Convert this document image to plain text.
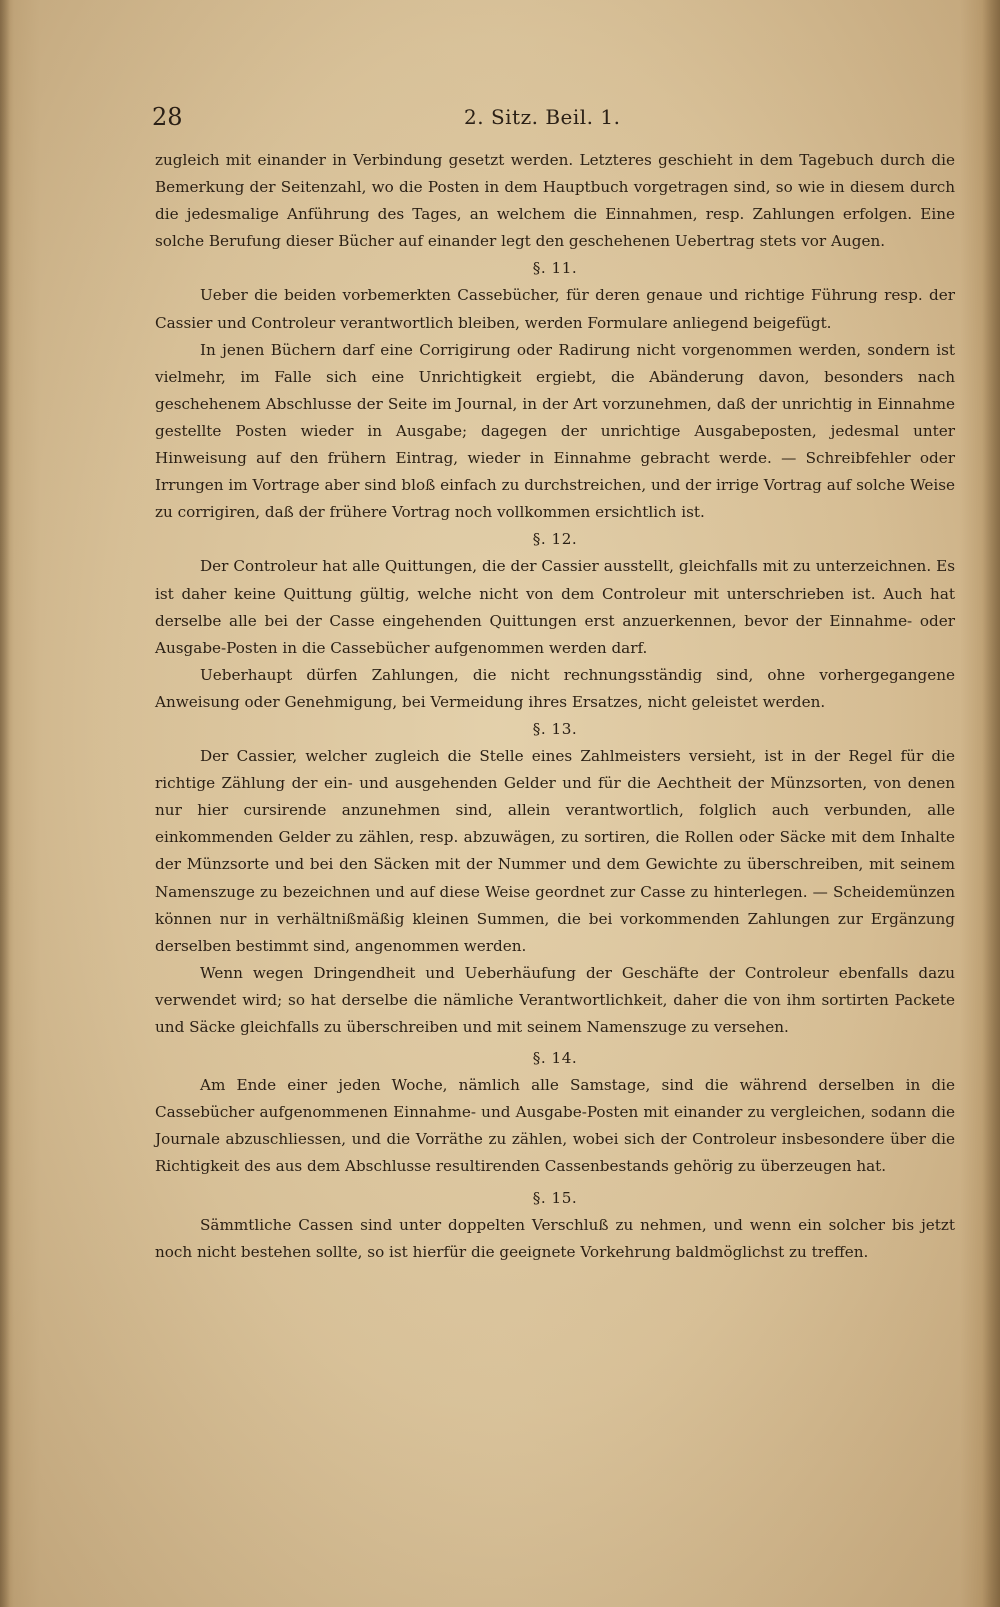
28	2. Sitz. Beil. 1.

zugleich mit einander in Verbindung gesetzt werden. Letzteres geschieht in dem Tagebuch durch die Bemerkung der Seitenzahl, wo die Posten in dem Hauptbuch vorgetragen sind, so wie in diesem durch die jedesmalige Anführung des Tages, an welchem die Einnahmen, resp. Zahlungen erfolgen. Eine solche Berufung dieser Bücher auf einander legt den geschehenen Uebertrag stets vor Augen.

§. 11.

Ueber die beiden vorbemerkten Cassebücher, für deren genaue und richtige Führung resp. der Cassier und Controleur verantwortlich bleiben, werden Formulare anliegend beigefügt.

In jenen Büchern darf eine Corrigirung oder Radirung nicht vorgenommen werden, sondern ist vielmehr, im Falle sich eine Unrichtigkeit ergiebt, die Abänderung davon, besonders nach geschehenem Abschlusse der Seite im Journal, in der Art vorzunehmen, daß der unrichtig in Einnahme gestellte Posten wieder in Ausgabe; dagegen der unrichtige Ausgabeposten, jedesmal unter Hinweisung auf den frühern Eintrag, wieder in Einnahme gebracht werde. — Schreibfehler oder Irrungen im Vortrage aber sind bloß einfach zu durchstreichen, und der irrige Vortrag auf solche Weise zu corrigiren, daß der frühere Vortrag noch vollkommen ersichtlich ist.

§. 12.

Der Controleur hat alle Quittungen, die der Cassier ausstellt, gleichfalls mit zu unterzeichnen. Es ist daher keine Quittung gültig, welche nicht von dem Controleur mit unterschrieben ist. Auch hat derselbe alle bei der Casse eingehenden Quittungen erst anzuerkennen, bevor der Einnahme- oder Ausgabe-Posten in die Cassebücher aufgenommen werden darf.

Ueberhaupt dürfen Zahlungen, die nicht rechnungsständig sind, ohne vorhergegangene Anweisung oder Genehmigung, bei Vermeidung ihres Ersatzes, nicht geleistet werden.

§. 13.

Der Cassier, welcher zugleich die Stelle eines Zahlmeisters versieht, ist in der Regel für die richtige Zählung der ein- und ausgehenden Gelder und für die Aechtheit der Münzsorten, von denen nur hier cursirende anzunehmen sind, allein verantwortlich, folglich auch verbunden, alle einkommenden Gelder zu zählen, resp. abzuwägen, zu sortiren, die Rollen oder Säcke mit dem Inhalte der Münzsorte und bei den Säcken mit der Nummer und dem Gewichte zu überschreiben, mit seinem Namenszuge zu bezeichnen und auf diese Weise geordnet zur Casse zu hinterlegen. — Scheidemünzen können nur in verhältnißmäßig kleinen Summen, die bei vorkommenden Zahlungen zur Ergänzung derselben bestimmt sind, angenommen werden.

Wenn wegen Dringendheit und Ueberhäufung der Geschäfte der Controleur ebenfalls dazu verwendet wird; so hat derselbe die nämliche Verantwortlichkeit, daher die von ihm sortirten Packete und Säcke gleichfalls zu überschreiben und mit seinem Namenszuge zu versehen.

§. 14.

Am Ende einer jeden Woche, nämlich alle Samstage, sind die während derselben in die Cassebücher aufgenommenen Einnahme- und Ausgabe-Posten mit einander zu vergleichen, sodann die Journale abzuschliessen, und die Vorräthe zu zählen, wobei sich der Controleur insbesondere über die Richtigkeit des aus dem Abschlusse resultirenden Cassenbestands gehörig zu überzeugen hat.

§. 15.

Sämmtliche Cassen sind unter doppelten Verschluß zu nehmen, und wenn ein solcher bis jetzt noch nicht bestehen sollte, so ist hierfür die geeignete Vorkehrung baldmöglichst zu treffen.
